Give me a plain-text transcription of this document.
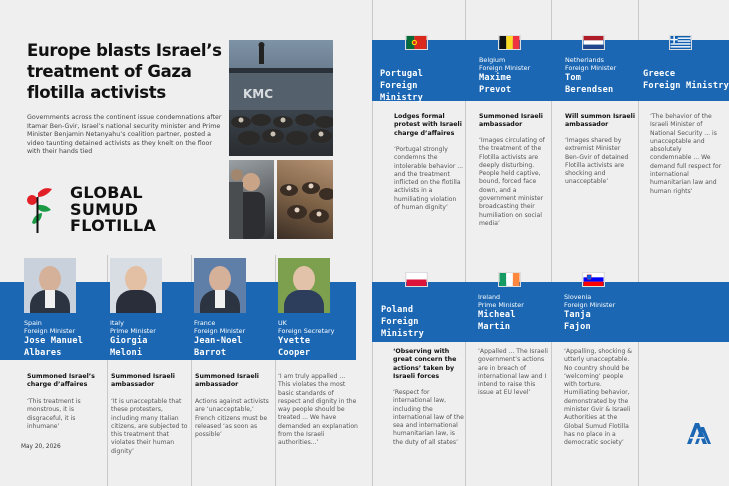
Europe blasts Israel’s treatment of Gaza flotilla activists
Governments across the continent issue condemnations after Itamar Ben-Gvir, Israel’s national security minister and Prime Minister Benjamin Netanyahu’s coalition partner, posted a video taunting detained activists as they knelt on the floor with their hands tied
GLOBAL
SUMUD
FLOTILLA
KMC
Portugal
Foreign Ministry
Belgium
Foreign Minister
Maxime
Prevot
Netherlands
Foreign Minister
Tom
Berendsen
Greece
Foreign Ministry
Lodges formal protest with Israeli charge d’affaires
‘Portugal strongly condemns the intolerable behavior ... and the treatment inflicted on the flotilla activists in a humiliating violation of human dignity’
Summoned Israeli ambassador
‘Images circulating of the treatment of the Flotilla activists are deeply disturbing. People held captive, bound, forced face down, and a government minister broadcasting their humiliation on social media’
Will summon Israeli ambassador
‘Images shared by extremist Minister Ben-Gvir of detained Flotilla activists are shocking and unacceptable’
‘The behavior of the Israeli Minister of National Security ... is unacceptable and absolutely condemnable ... We demand full respect for international humanitarian law and human rights’
Spain
Foreign Minister
Jose Manuel
Albares
Italy
Prime Minister
Giorgia
Meloni
France
Foreign Minister
Jean-Noel
Barrot
UK
Foreign Secretary
Yvette
Cooper
Summoned Israel’s charge d’affaires
‘This treatment is monstrous, it is disgraceful, it is inhumane’
Summoned Israeli ambassador
‘It is unacceptable that these protesters, including many Italian citizens, are subjected to this treatment that violates their human dignity’
Summoned Israeli ambassador
Actions against activists are ‘unacceptable,’ French citizens must be released ‘as soon as possible’
‘I am truly appalled ... This violates the most basic standards of respect and dignity in the way people should be treated ... We have demanded an explanation from the Israeli authorities...’
Poland
Foreign Ministry
Ireland
Prime Minister
Micheal
Martin
Slovenia
Foreign Minister
Tanja
Fajon
‘Observing with great concern the actions’ taken by Israeli forces
‘Respect for international law, including the international law of the sea and international humanitarian law, is the duty of all states’
‘Appalled ... The Israeli government’s actions are in breach of international law and I intend to raise this issue at EU level’
‘Appalling, shocking & utterly unacceptable. No country should be ‘welcoming’ people with torture. Humiliating behavior, demonstrated by the minister Gvir & Israeli Authorities at the Global Sumud Flotilla has no place in a democratic society’
May 20, 2026
